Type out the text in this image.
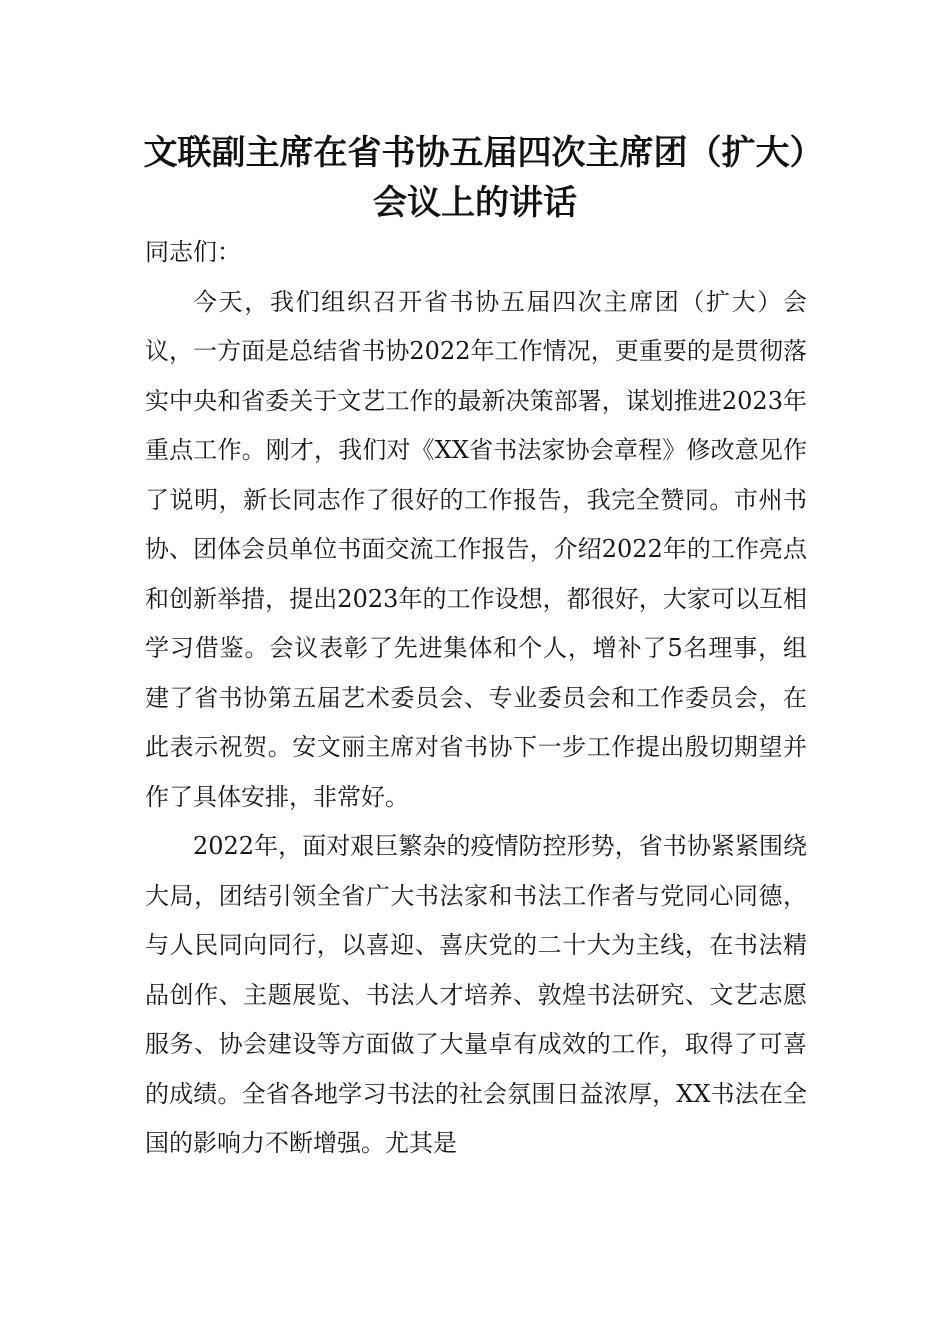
文联副主席在省书协五届四次主席团（扩大）会议上的讲话

同志们：

今天，我们组织召开省书协五届四次主席团（扩大）会议，一方面是总结省书协2022年工作情况，更重要的是贯彻落实中央和省委关于文艺工作的最新决策部署，谋划推进2023年重点工作。刚才，我们对《XX省书法家协会章程》修改意见作了说明，新长同志作了很好的工作报告，我完全赞同。市州书协、团体会员单位书面交流工作报告，介绍2022年的工作亮点和创新举措，提出2023年的工作设想，都很好，大家可以互相学习借鉴。会议表彰了先进集体和个人，增补了5名理事，组建了省书协第五届艺术委员会、专业委员会和工作委员会，在此表示祝贺。安文丽主席对省书协下一步工作提出殷切期望并作了具体安排，非常好。

2022年，面对艰巨繁杂的疫情防控形势，省书协紧紧围绕大局，团结引领全省广大书法家和书法工作者与党同心同德，与人民同向同行，以喜迎、喜庆党的二十大为主线，在书法精品创作、主题展览、书法人才培养、敦煌书法研究、文艺志愿服务、协会建设等方面做了大量卓有成效的工作，取得了可喜的成绩。全省各地学习书法的社会氛围日益浓厚，XX书法在全国的影响力不断增强。尤其是
